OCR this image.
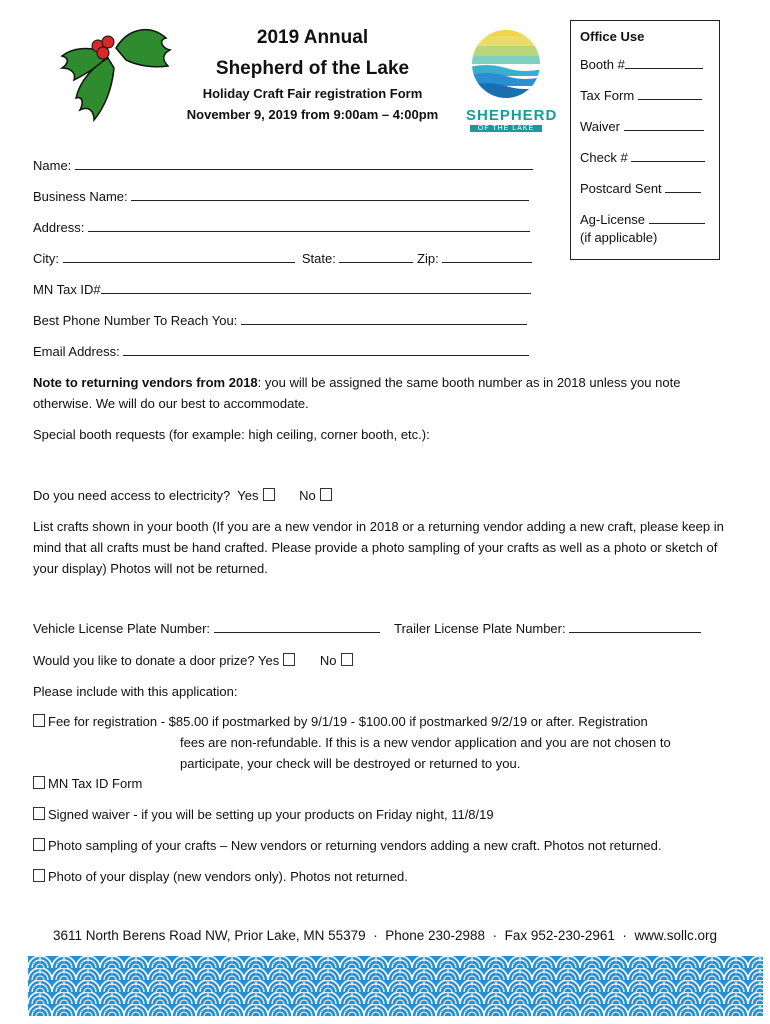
2019 Annual
Shepherd of the Lake
Holiday Craft Fair registration Form
November 9, 2019 from 9:00am – 4:00pm	SHEPHERD
OF THE LAKE
Office Use
Booth #
Tax Form
Waiver
Check #
Postcard Sent
Ag-License
(if applicable)
Name:
Business Name:
Address:
City:	State:	Zip:
MN Tax ID#
Best Phone Number To Reach You:
Email Address:
Note to returning vendors from 2018: you will be assigned the same booth number as in 2018 unless you note otherwise. We will do our best to accommodate.
Special booth requests (for example: high ceiling, corner booth, etc.):
Do you need access to electricity? Yes	No
List crafts shown in your booth (If you are a new vendor in 2018 or a returning vendor adding a new craft, please keep in mind that all crafts must be hand crafted. Please provide a photo sampling of your crafts as well as a photo or sketch of your display) Photos will not be returned.
Vehicle License Plate Number:	Trailer License Plate Number:
Would you like to donate a door prize? Yes	No
Please include with this application:
Fee for registration - $85.00 if postmarked by 9/1/19 - $100.00 if postmarked 9/2/19 or after. Registration
fees are non-refundable. If this is a new vendor application and you are not chosen to
participate, your check will be destroyed or returned to you.
MN Tax ID Form
Signed waiver - if you will be setting up your products on Friday night, 11/8/19
Photo sampling of your crafts – New vendors or returning vendors adding a new craft. Photos not returned.
Photo of your display (new vendors only). Photos not returned.
3611 North Berens Road NW, Prior Lake, MN 55379 · Phone 230-2988 · Fax 952-230-2961 · www.sollc.org
